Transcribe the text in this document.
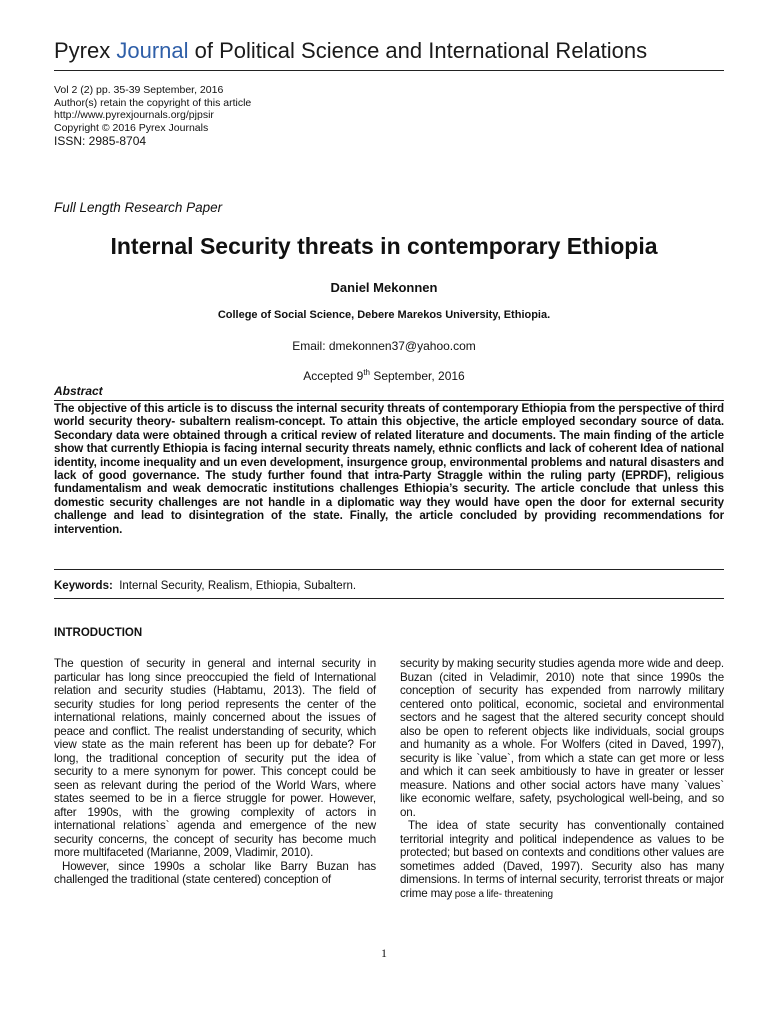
Pyrex Journal of Political Science and International Relations
Vol 2 (2) pp. 35-39 September, 2016
Author(s) retain the copyright of this article
http://www.pyrexjournals.org/pjpsir
Copyright © 2016 Pyrex Journals
ISSN: 2985-8704
Full Length Research Paper
Internal Security threats in contemporary Ethiopia
Daniel Mekonnen
College of Social Science, Debere Marekos University, Ethiopia.
Email: dmekonnen37@yahoo.com
Accepted 9th September, 2016
Abstract
The objective of this article is to discuss the internal security threats of contemporary Ethiopia from the perspective of third world security theory- subaltern realism-concept. To attain this objective, the article employed secondary source of data. Secondary data were obtained through a critical review of related literature and documents. The main finding of the article show that currently Ethiopia is facing internal security threats namely, ethnic conflicts and lack of coherent Idea of national identity, income inequality and un even development, insurgence group, environmental problems and natural disasters and lack of good governance. The study further found that intra-Party Straggle within the ruling party (EPRDF), religious fundamentalism and weak democratic institutions challenges Ethiopia’s security. The article conclude that unless this domestic security challenges are not handle in a diplomatic way they would have open the door for external security challenge and lead to disintegration of the state. Finally, the article concluded by providing recommendations for intervention.
Keywords: Internal Security, Realism, Ethiopia, Subaltern.
INTRODUCTION

The question of security in general and internal security in particular has long since preoccupied the field of International relation and security studies (Habtamu, 2013). The field of security studies for long period represents the center of the international relations, mainly concerned about the issues of peace and conflict. The realist understanding of security, which view state as the main referent has been up for debate? For long, the traditional conception of security put the idea of security to a mere synonym for power. This concept could be seen as relevant during the period of the World Wars, where states seemed to be in a fierce struggle for power. However, after 1990s, with the growing complexity of actors in international relations` agenda and emergence of the new security concerns, the concept of security has become much more multifaceted (Marianne, 2009, Vladimir, 2010).

However, since 1990s a scholar like Barry Buzan has challenged the traditional (state centered) conception of

security by making security studies agenda more wide and deep. Buzan (cited in Veladimir, 2010) note that since 1990s the conception of security has expended from narrowly military centered onto political, economic, societal and environmental sectors and he sagest that the altered security concept should also be open to referent objects like individuals, social groups and humanity as a whole. For Wolfers (cited in Daved, 1997), security is like `value`, from which a state can get more or less and which it can seek ambitiously to have in greater or lesser measure. Nations and other social actors have many `values` like economic welfare, safety, psychological well-being, and so on.

The idea of state security has conventionally contained territorial integrity and political independence as values to be protected; but based on contexts and conditions other values are sometimes added (Daved, 1997). Security also has many dimensions. In terms of internal security, terrorist threats or major crime may pose a life- threatening

1
